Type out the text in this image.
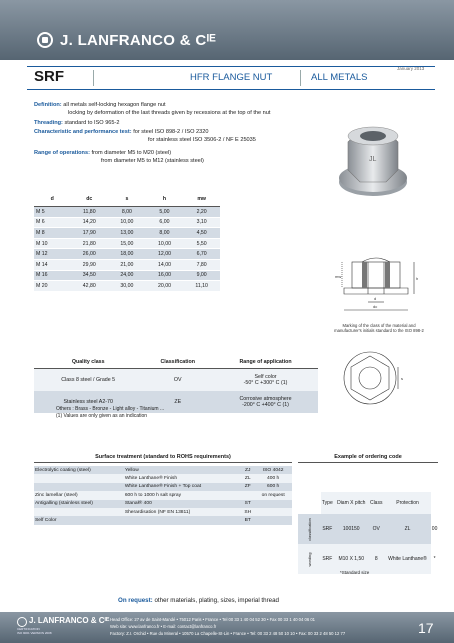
J. LANFRANCO & Cᴵᴱ
SRF	HFR FLANGE NUT	ALL METALS
January 2013
Definition: all metals self-locking hexagon flange nut
locking by deformation of the last threads given by recessions at the top of the nut
Threading: standard to ISO 965-2
Characteristic and performance test: for steel ISO 898-2 / ISO 2320
for stainless steel ISO 3506-2 / NF E 25035
Range of operations: from diameter M5 to M20 (steel)
from diameter M5 to M12 (stainless steel)	JL
d	dc	s	h	mw
M 5	11,80	8,00	5,00	2,20
M 6	14,20	10,00	6,00	3,10
M 8	17,90	13,00	8,00	4,50
M 10	21,80	15,00	10,00	5,50
M 12	26,00	18,00	12,00	6,70
M 14	29,90	21,00	14,00	7,80
M 16	34,50	24,00	16,00	9,00
M 20	42,80	30,00	20,00	11,10
mw	h
d
dc
Marking of the class of the material and manufacturer's initials standard to the ISO 898-2
s
Quality class	Classification	Range of application
Class 8 steel / Grade 5	OV	Self color
-50° C +300° C (1)
Stainless steel A2-70	ZE	Corrosive atmosphere
-200° C +400° C (1)
Others : Brass - Bronze - Light alloy - Titanium ...
(1) Values are only given as an indication
Surface treatment (standard to ROHS requirements)
Electrolytic coating (steel)	Yellow	ZJ	ISO 4042
	White Lanthane® Finish	ZL	400 h
	White Lanthane® Finish + Top coat	ZF	600 h
Zinc lamellar (steel)	600 h to 1000 h salt spray		on request
Antigalling (stainless steel)	Stanal® 400	ST	
	Sherardisation (NF EN 13811)	SH	
Self Color		BT	
Example of ordering code
	Type	Diam X pitch	Class	Protection	

classification	SRF	100150	OV	ZL	00

wording	SRF	M10 X 1,50	8	White Lanthane®	*
*Standard size
On request: other materials, plating, sizes, imperial thread
J. LANFRANCO & Cᴵᴱ
CERTIFICATION
ISO 9001 VERSION 2008
Head Office: 27 av de Saint-Mandé • 75012 Paris • France • Tel 00 33 1 40 04 52 30 • Fax 00 33 1 40 04 06 01
Web site: www.lanfranco.fr • E-mail: contact@lanfranco.fr
Factory: Z.I. Orchid • Rue du Mineral • 10570 La Chapelle-St-Lin • France • Tel: 00 33 2 48 50 10 10 • Fax: 00 33 2 48 50 12 77	17
